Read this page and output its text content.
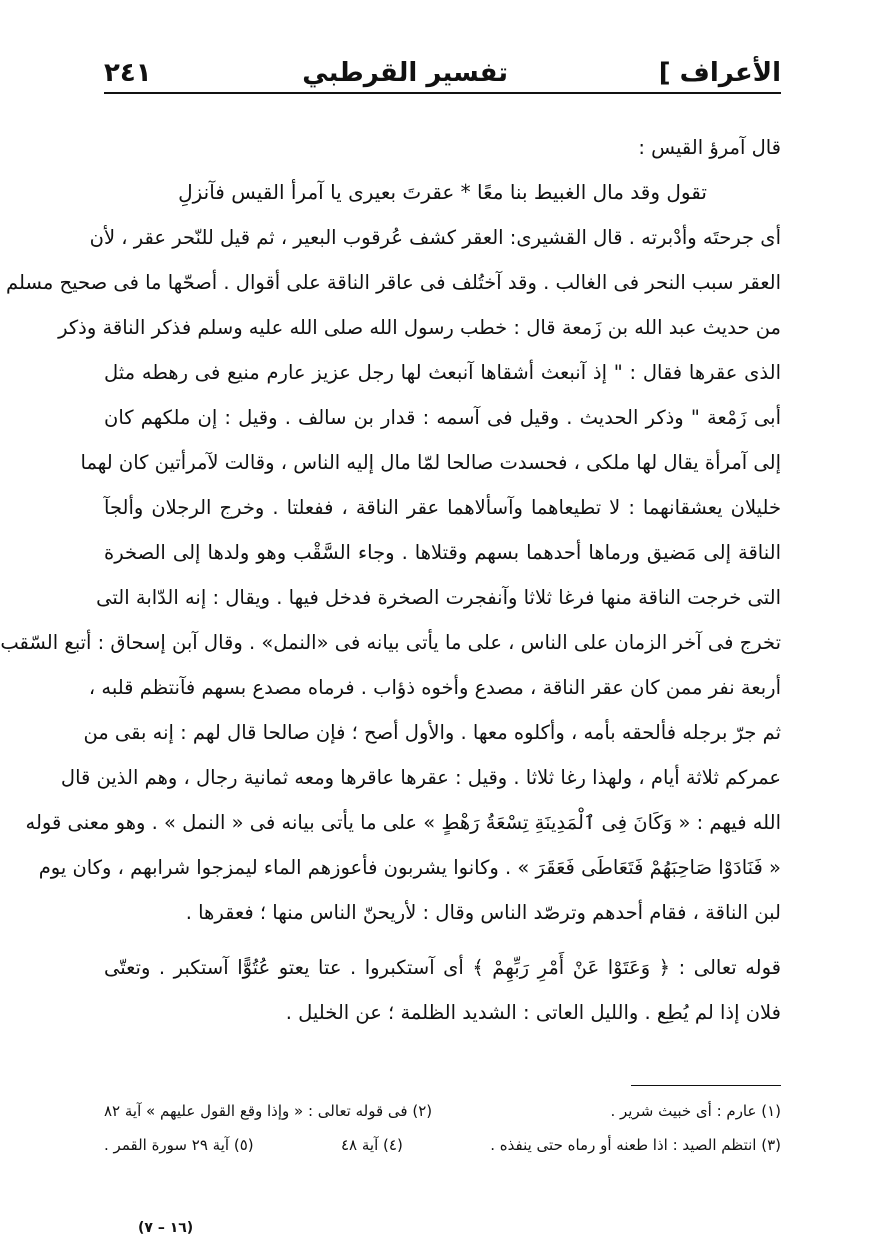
الأعراف ]
تفسير القرطبي
٢٤١
قال آمرؤ القيس :
تقول وقد مال الغبيط بنا معًا * عقرتَ بعيرى يا آمرأ القيس فآنزلِ
أى جرحتَه وأدْبرته . قال القشيرى: العقر كشف عُرقوب البعير ، ثم قيل للنّحر عقر ، لأن
العقر سبب النحر فى الغالب . وقد آختُلف فى عاقر الناقة على أقوال . أصحّها ما فى صحيح مسلم
من حديث عبد الله بن زَمعة قال : خطب رسول الله صلى الله عليه وسلم فذكر الناقة وذكر
الذى عقرها فقال : " إذ آنبعث أشقاها آنبعث لها رجل عزيز عارم منيع فى رهطه مثل
أبى زَمْعة " وذكر الحديث . وقيل فى آسمه : قدار بن سالف . وقيل : إن ملكهم كان
إلى آمرأة يقال لها ملكى ، فحسدت صالحا لمّا مال إليه الناس ، وقالت لآمرأتين كان لهما
خليلان يعشقانهما : لا تطيعاهما وآسألاهما عقر الناقة ، ففعلتا . وخرج الرجلان وألجآ
الناقة إلى مَضيق ورماها أحدهما بسهم وقتلاها . وجاء السَّقْب وهو ولدها إلى الصخرة
التى خرجت الناقة منها فرغا ثلاثا وآنفجرت الصخرة فدخل فيها . ويقال : إنه الدّابة التى
تخرج فى آخر الزمان على الناس ، على ما يأتى بيانه فى «النمل» . وقال آبن إسحاق : أتبع السّقب
أربعة نفر ممن كان عقر الناقة ، مصدع وأخوه ذؤاب . فرماه مصدع بسهم فآنتظم قلبه ،
ثم جرّ برجله فألحقه بأمه ، وأكلوه معها . والأول أصح ؛ فإن صالحا قال لهم : إنه بقى من
عمركم ثلاثة أيام ، ولهذا رغا ثلاثا . وقيل : عقرها عاقرها ومعه ثمانية رجال ، وهم الذين قال
الله فيهم : « وَكَانَ فِى ٱلْمَدِينَةِ تِسْعَةُ رَهْطٍ » على ما يأتى بيانه فى « النمل » . وهو معنى قوله
« فَنَادَوْا صَاحِبَهُمْ فَتَعَاطَى فَعَقَرَ » . وكانوا يشربون فأعوزهم الماء ليمزجوا شرابهم ، وكان يوم
لبن الناقة ، فقام أحدهم وترصّد الناس وقال : لأريحنّ الناس منها ؛ فعقرها .
قوله تعالى : ﴿ وَعَتَوْا عَنْ أَمْرِ رَبِّهِمْ ﴾ أى آستكبروا . عتا يعتو عُتُوًّا آستكبر . وتعتّى
فلان إذا لم يُطِع . والليل العاتى : الشديد الظلمة ؛ عن الخليل .
(١) عارم : أى خبيث شرير .
(٢) فى قوله تعالى : « وإذا وقع القول عليهم » آية ٨٢
(٣) انتظم الصيد : اذا طعنه أو رماه حتى ينفذه .
(٤) آية ٤٨
(٥) آية ٢٩ سورة القمر .
(١٦ – ٧)
